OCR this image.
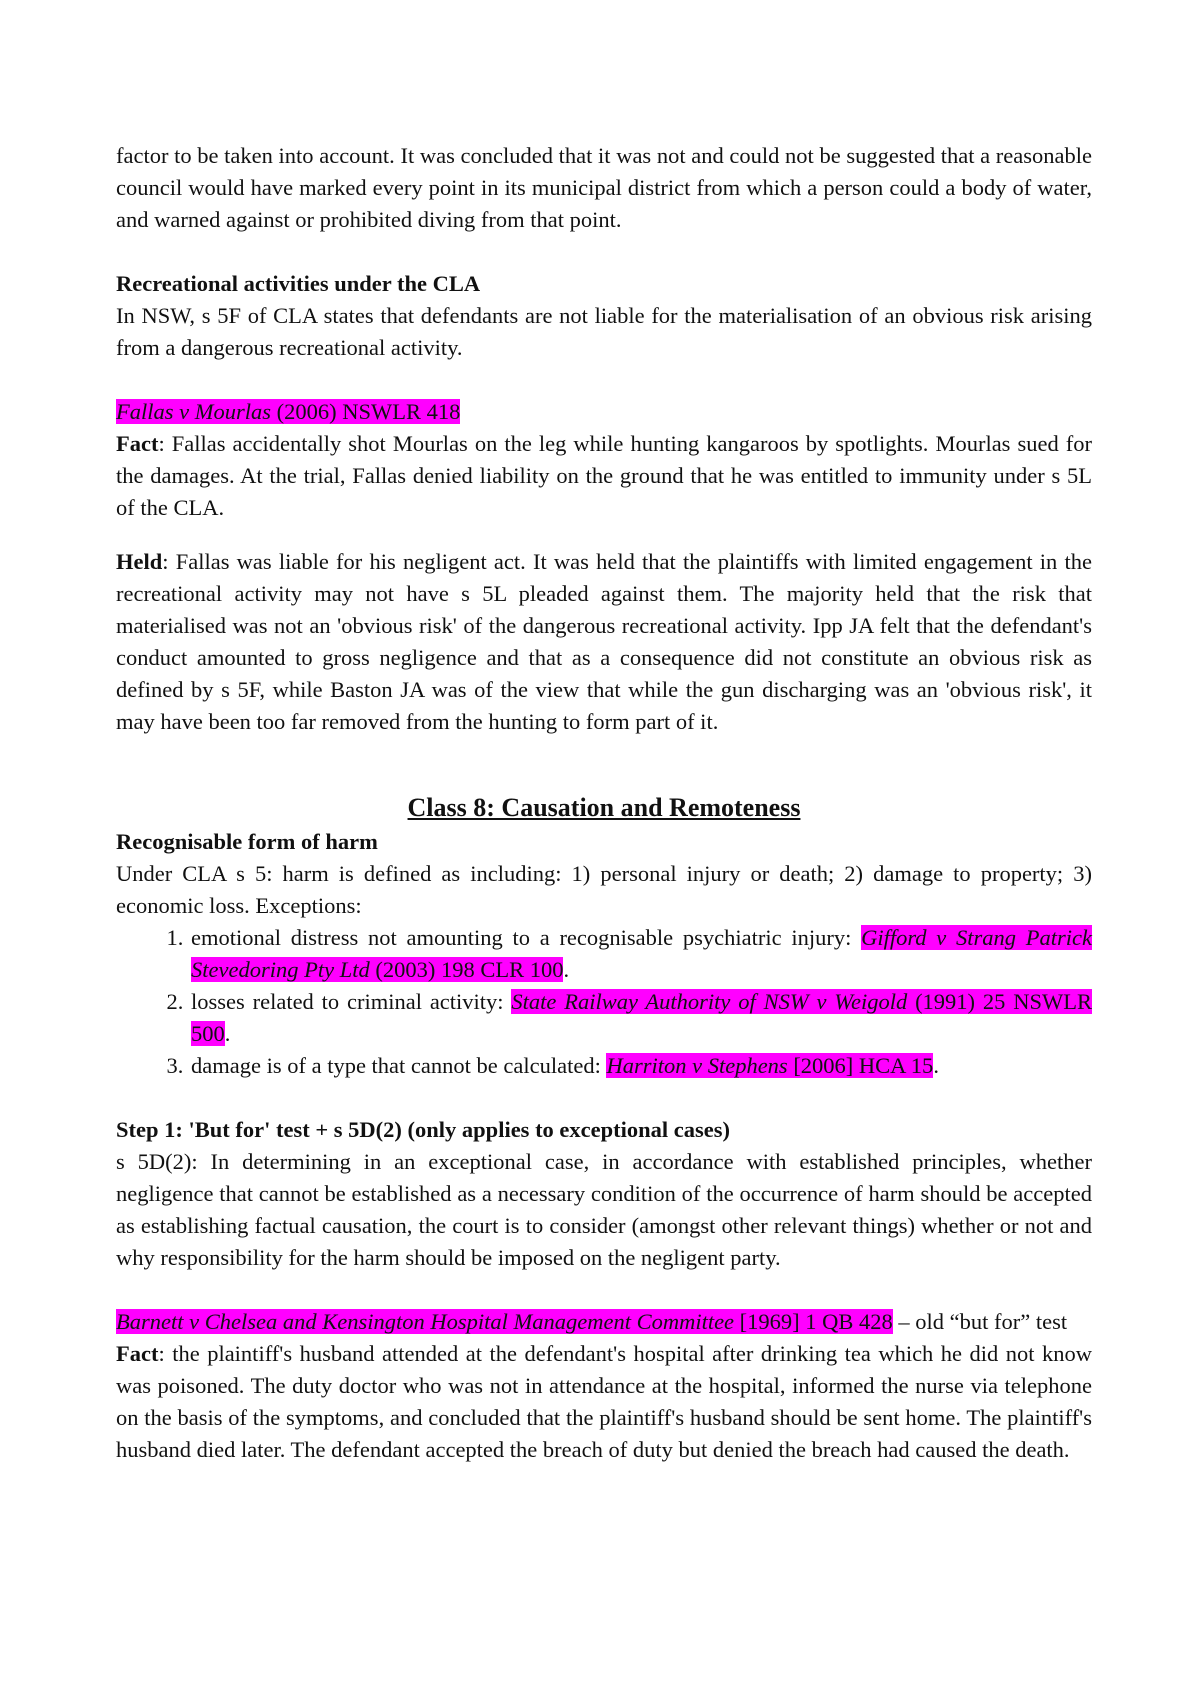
factor to be taken into account. It was concluded that it was not and could not be suggested that a reasonable council would have marked every point in its municipal district from which a person could a body of water, and warned against or prohibited diving from that point.

Recreational activities under the CLA

In NSW, s 5F of CLA states that defendants are not liable for the materialisation of an obvious risk arising from a dangerous recreational activity.

Fallas v Mourlas (2006) NSWLR 418

Fact: Fallas accidentally shot Mourlas on the leg while hunting kangaroos by spotlights. Mourlas sued for the damages. At the trial, Fallas denied liability on the ground that he was entitled to immunity under s 5L of the CLA.

Held: Fallas was liable for his negligent act. It was held that the plaintiffs with limited engagement in the recreational activity may not have s 5L pleaded against them. The majority held that the risk that materialised was not an 'obvious risk' of the dangerous recreational activity. Ipp JA felt that the defendant's conduct amounted to gross negligence and that as a consequence did not constitute an obvious risk as defined by s 5F, while Baston JA was of the view that while the gun discharging was an 'obvious risk', it may have been too far removed from the hunting to form part of it.

Class 8: Causation and Remoteness

Recognisable form of harm

Under CLA s 5: harm is defined as including: 1) personal injury or death; 2) damage to property; 3) economic loss. Exceptions:

1. emotional distress not amounting to a recognisable psychiatric injury: Gifford v Strang Patrick Stevedoring Pty Ltd (2003) 198 CLR 100.
2. losses related to criminal activity: State Railway Authority of NSW v Weigold (1991) 25 NSWLR 500.
3. damage is of a type that cannot be calculated: Harriton v Stephens [2006] HCA 15.

Step 1: 'But for' test + s 5D(2) (only applies to exceptional cases)

s 5D(2): In determining in an exceptional case, in accordance with established principles, whether negligence that cannot be established as a necessary condition of the occurrence of harm should be accepted as establishing factual causation, the court is to consider (amongst other relevant things) whether or not and why responsibility for the harm should be imposed on the negligent party.

Barnett v Chelsea and Kensington Hospital Management Committee [1969] 1 QB 428 – old “but for” test

Fact: the plaintiff's husband attended at the defendant's hospital after drinking tea which he did not know was poisoned. The duty doctor who was not in attendance at the hospital, informed the nurse via telephone on the basis of the symptoms, and concluded that the plaintiff's husband should be sent home. The plaintiff's husband died later. The defendant accepted the breach of duty but denied the breach had caused the death.
